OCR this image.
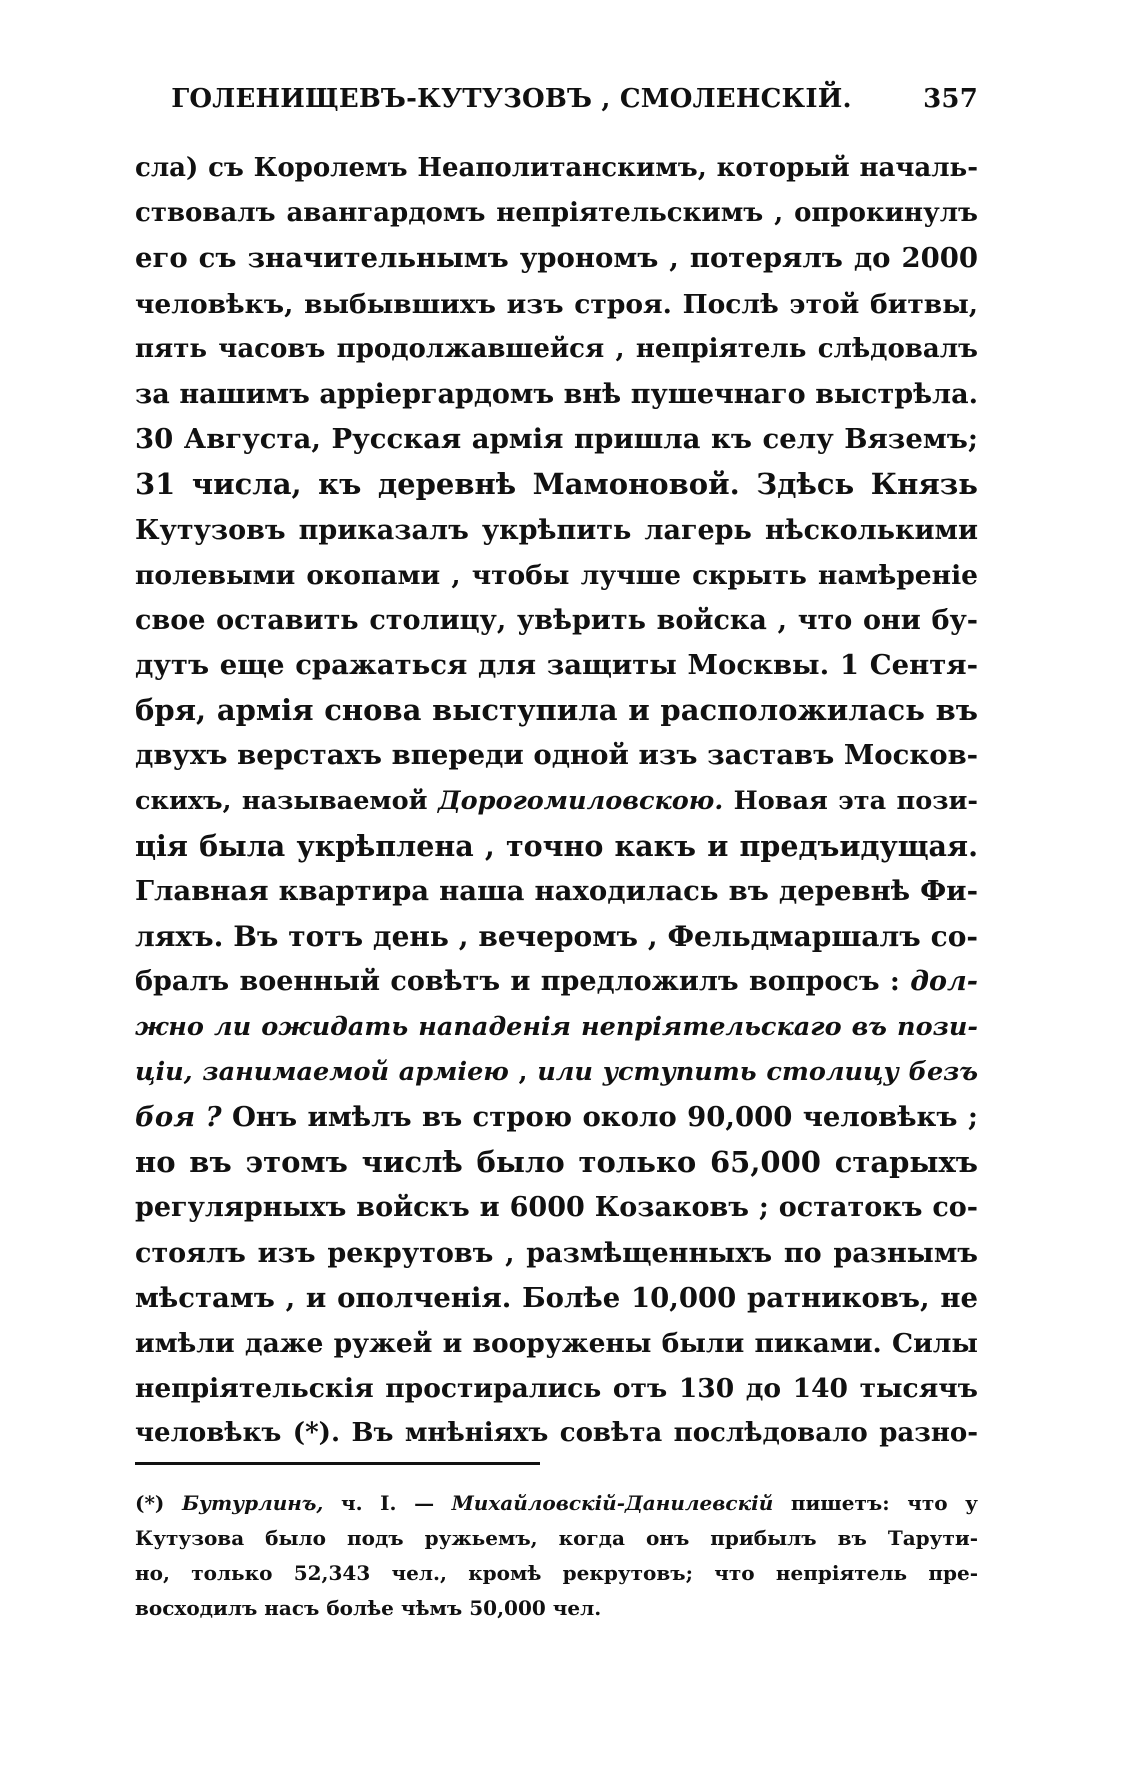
ГОЛЕНИЩЕВЪ-КУТУЗОВЪ , СМОЛЕНСКІЙ.	357
сла) съ Королемъ Неаполитанскимъ, который началь-
ствовалъ авангардомъ непріятельскимъ , опрокинулъ
его съ значительнымъ урономъ , потерялъ до 2000
человѣкъ, выбывшихъ изъ строя. Послѣ этой битвы,
пять часовъ продолжавшейся , непріятель слѣдовалъ
за нашимъ арріергардомъ внѣ пушечнаго выстрѣла.
30 Августа, Русская армія пришла къ селу Вяземъ;
31 числа, къ деревнѣ Мамоновой. Здѣсь Князь
Кутузовъ приказалъ укрѣпить лагерь нѣсколькими
полевыми окопами , чтобы лучше скрыть намѣреніе
свое оставить столицу, увѣрить войска , что они бу-
дутъ еще сражаться для защиты Москвы. 1 Сентя-
бря, армія снова выступила и расположилась въ
двухъ верстахъ впереди одной изъ заставъ Москов-
скихъ, называемой Дорогомиловскою. Новая эта пози-
ція была укрѣплена , точно какъ и предъидущая.
Главная квартира наша находилась въ деревнѣ Фи-
ляхъ. Въ тотъ день , вечеромъ , Фельдмаршалъ со-
бралъ военный совѣтъ и предложилъ вопросъ : дол-
жно ли ожидать нападенія непріятельскаго въ пози-
ціи, занимаемой арміею , или уступить столицу безъ
боя ? Онъ имѣлъ въ строю около 90,000 человѣкъ ;
но въ этомъ числѣ было только 65,000 старыхъ
регулярныхъ войскъ и 6000 Козаковъ ; остатокъ со-
стоялъ изъ рекрутовъ , размѣщенныхъ по разнымъ
мѣстамъ , и ополченія. Болѣе 10,000 ратниковъ, не
имѣли даже ружей и вооружены были пиками. Силы
непріятельскія простирались отъ 130 до 140 тысячъ
человѣкъ (*). Въ мнѣніяхъ совѣта послѣдовало разно-
(*) Бутурлинъ, ч. I. — Михайловскій-Данилевскій пишетъ: что у
Кутузова было подъ ружьемъ, когда онъ прибылъ въ Тарути-
но, только 52,343 чел., кромѣ рекрутовъ; что непріятель пре-
восходилъ насъ болѣе чѣмъ 50,000 чел.
